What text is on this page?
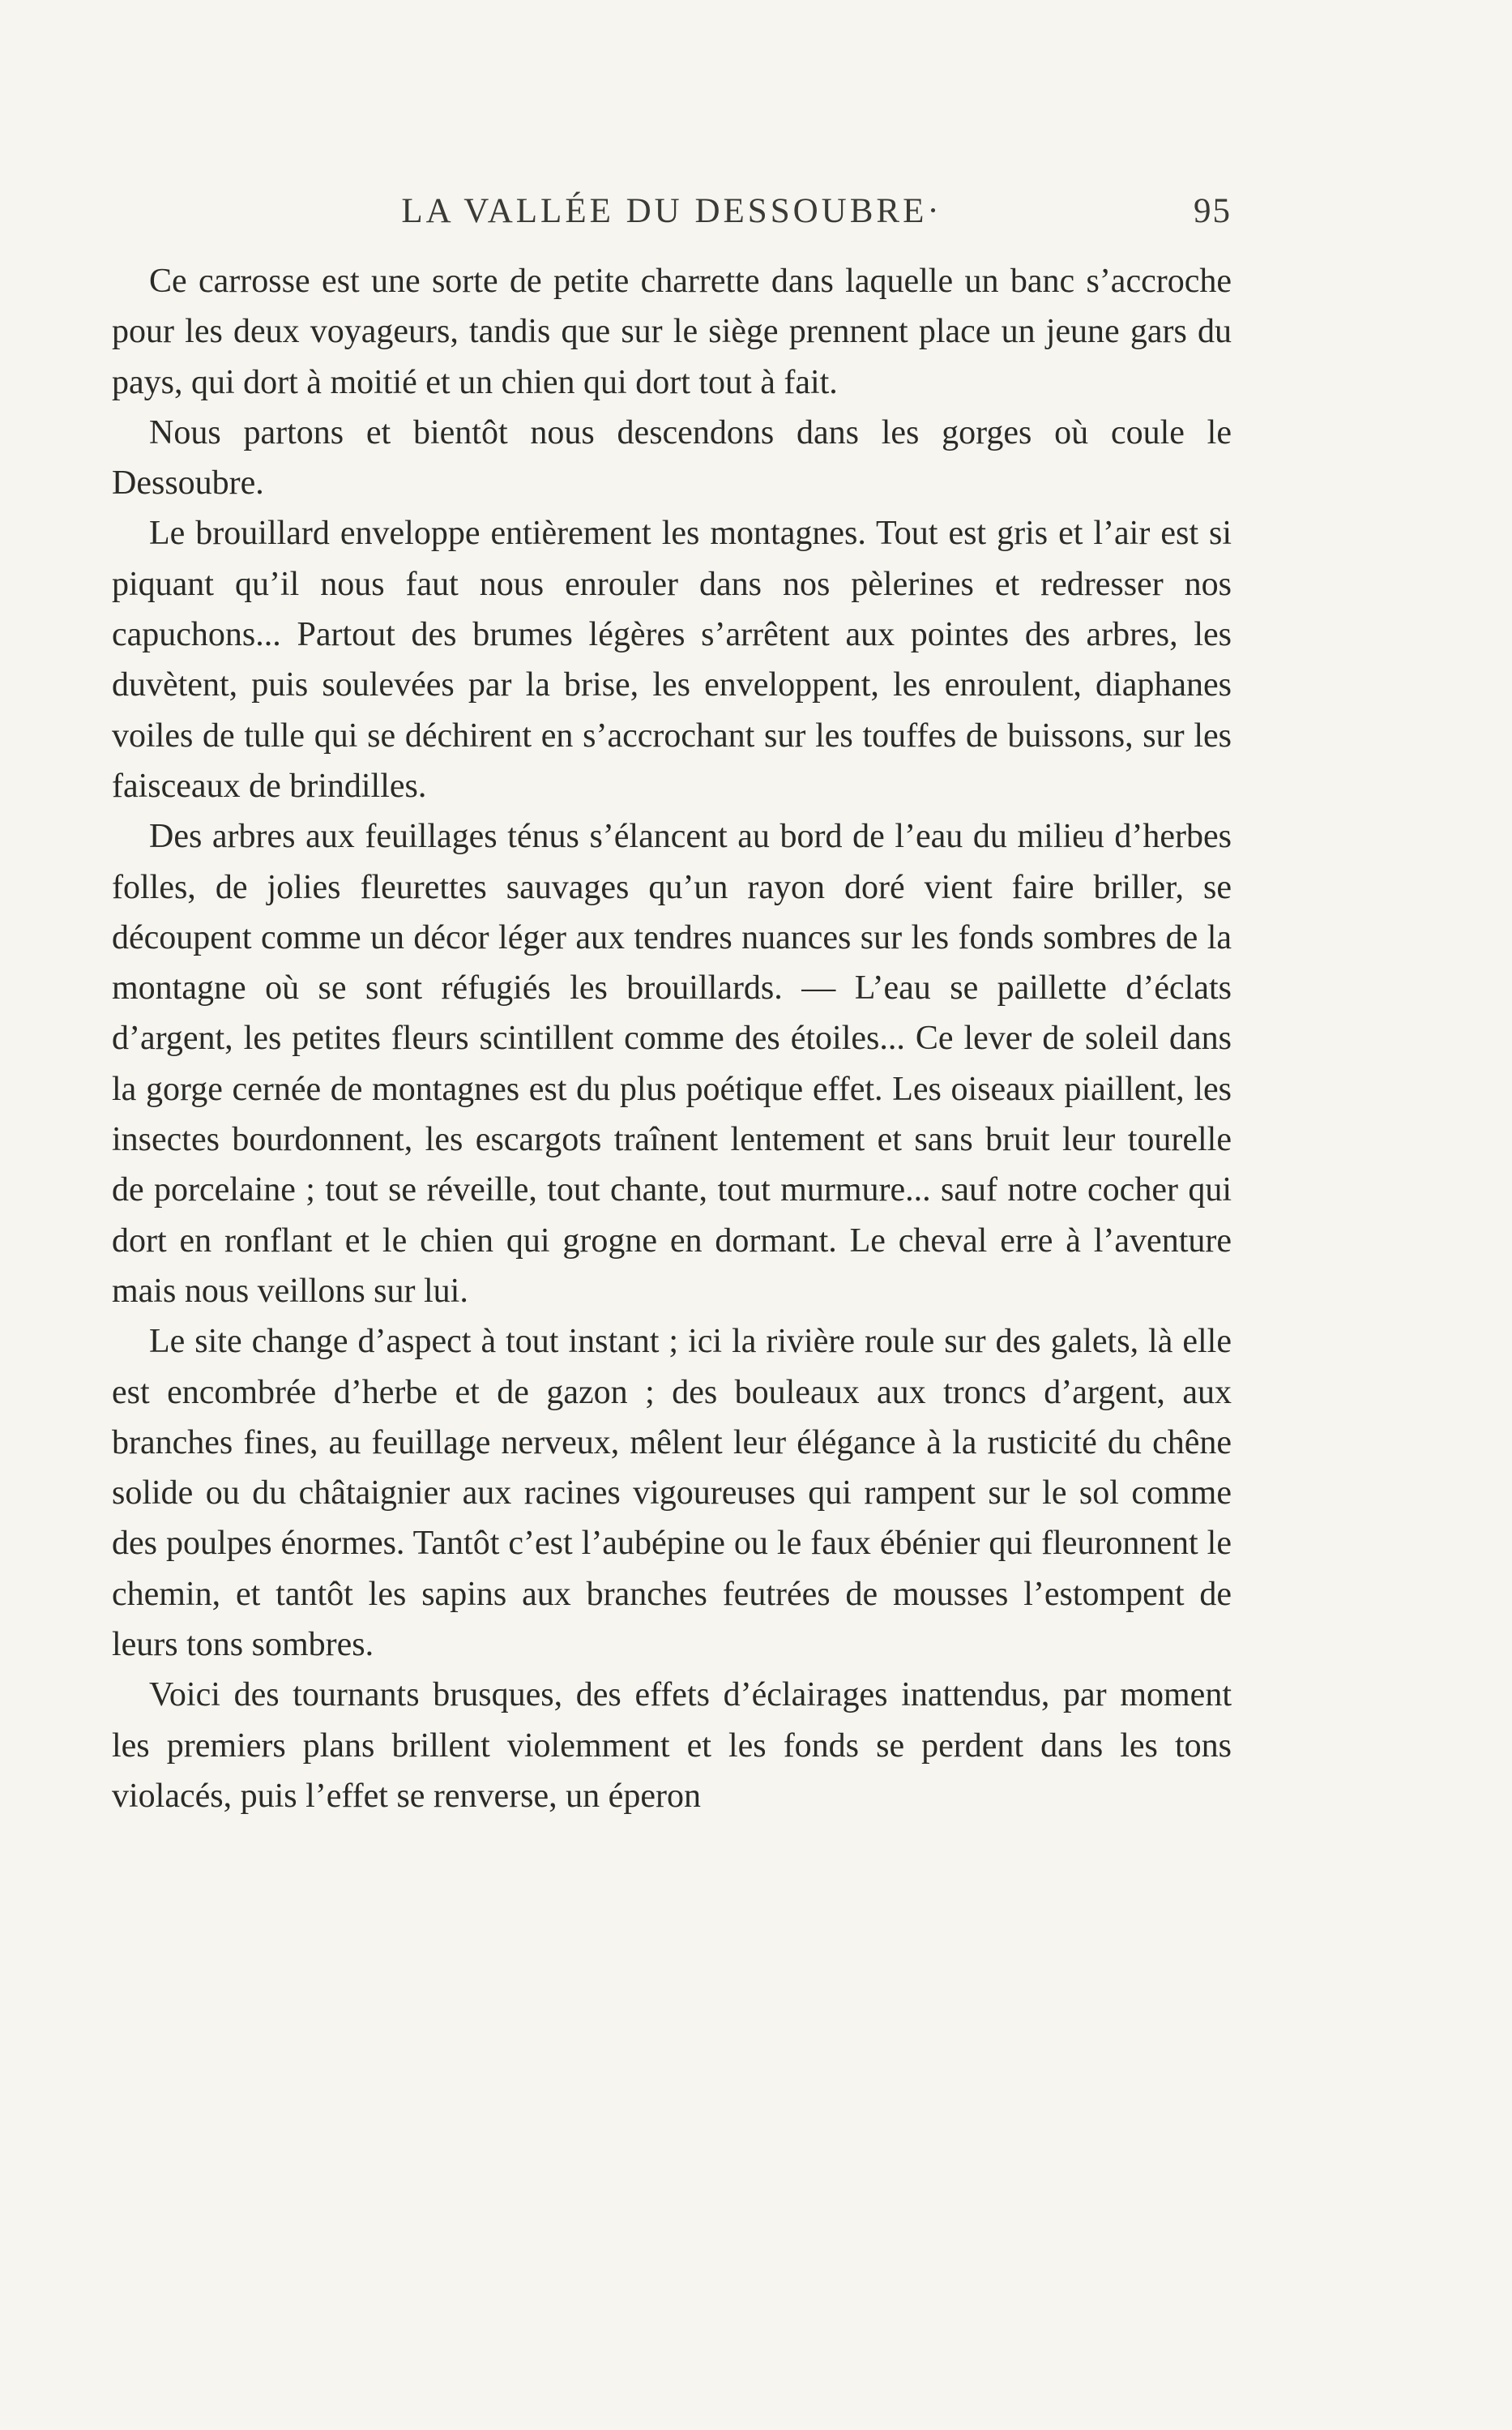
LA VALLÉE DU DESSOUBRE·	95

Ce carrosse est une sorte de petite charrette dans laquelle un banc s’accroche pour les deux voyageurs, tandis que sur le siège prennent place un jeune gars du pays, qui dort à moitié et un chien qui dort tout à fait.

Nous partons et bientôt nous descendons dans les gorges où coule le Dessoubre.

Le brouillard enveloppe entièrement les montagnes. Tout est gris et l’air est si piquant qu’il nous faut nous enrouler dans nos pèlerines et redresser nos capuchons... Partout des brumes légères s’arrêtent aux pointes des arbres, les duvètent, puis soulevées par la brise, les enveloppent, les enroulent, diaphanes voiles de tulle qui se déchirent en s’accrochant sur les touffes de buissons, sur les faisceaux de brindilles.

Des arbres aux feuillages ténus s’élancent au bord de l’eau du milieu d’herbes folles, de jolies fleurettes sauvages qu’un rayon doré vient faire briller, se découpent comme un décor léger aux tendres nuances sur les fonds sombres de la montagne où se sont réfugiés les brouillards. — L’eau se paillette d’éclats d’argent, les petites fleurs scintillent comme des étoiles... Ce lever de soleil dans la gorge cernée de montagnes est du plus poétique effet. Les oiseaux piaillent, les insectes bourdonnent, les escargots traînent lentement et sans bruit leur tourelle de porcelaine ; tout se réveille, tout chante, tout murmure... sauf notre cocher qui dort en ronflant et le chien qui grogne en dormant. Le cheval erre à l’aventure mais nous veillons sur lui.

Le site change d’aspect à tout instant ; ici la rivière roule sur des galets, là elle est encombrée d’herbe et de gazon ; des bouleaux aux troncs d’argent, aux branches fines, au feuillage nerveux, mêlent leur élégance à la rusticité du chêne solide ou du châtaignier aux racines vigoureuses qui rampent sur le sol comme des poulpes énormes. Tantôt c’est l’aubépine ou le faux ébénier qui fleuronnent le chemin, et tantôt les sapins aux branches feutrées de mousses l’estompent de leurs tons sombres.

Voici des tournants brusques, des effets d’éclairages inattendus, par moment les premiers plans brillent violemment et les fonds se perdent dans les tons violacés, puis l’effet se renverse, un éperon
